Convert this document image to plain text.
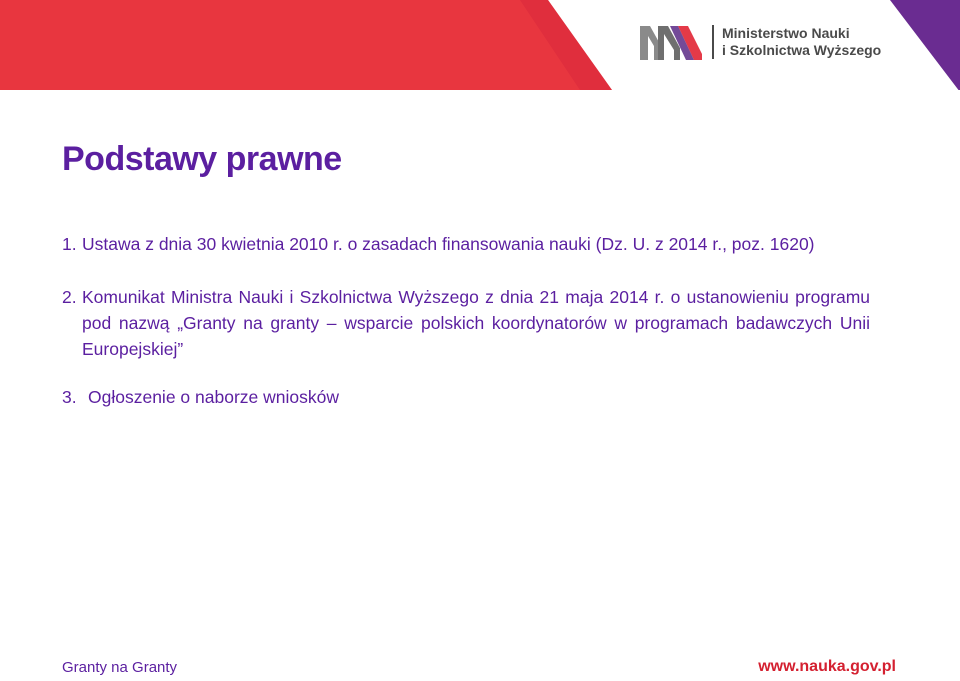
Ministerstwo Nauki
i Szkolnictwa Wyższego
Podstawy prawne
1. Ustawa z dnia 30 kwietnia 2010 r. o zasadach finansowania nauki (Dz. U. z 2014 r., poz. 1620)
2. Komunikat Ministra Nauki i Szkolnictwa Wyższego z dnia 21 maja 2014 r. o ustanowieniu programu pod nazwą „Granty na granty – wsparcie polskich koordynatorów w programach badawczych Unii Europejskiej”
3. Ogłoszenie o naborze wniosków
Granty na Granty	www.nauka.gov.pl
